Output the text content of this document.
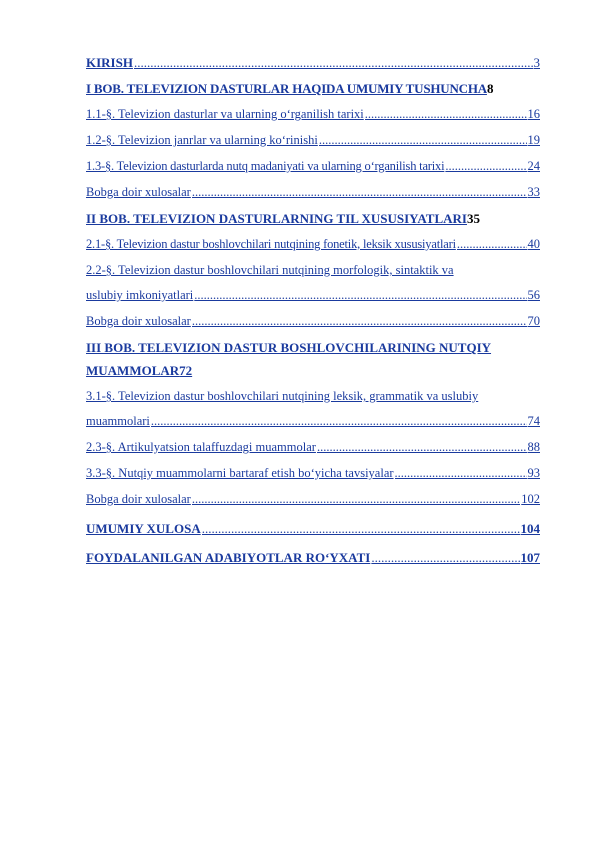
KIRISH .....	3
I BOB. TELEVIZION DASTURLAR HAQIDA UMUMIY TUSHUNCHA 8
1.1-§. Televizion dasturlar va ularning o‘rganilish tarixi .....	16
1.2-§. Televizion janrlar va ularning ko‘rinishi .....	19
1.3-§. Televizion dasturlarda nutq madaniyati va ularning o‘rganilish tarixi .....	24
Bobga doir xulosalar .....	33
II BOB. TELEVIZION DASTURLARNING TIL XUSUSIYATLARI 35
2.1-§. Televizion dastur boshlovchilari nutqining fonetik, leksik xususiyatlari .....	40
2.2-§. Televizion dastur boshlovchilari nutqining morfologik, sintaktik va
uslubiy imkoniyatlari .....	56
Bobga doir xulosalar .....	70
III BOB. TELEVIZION DASTUR BOSHLOVCHILARINING NUTQIY
MUAMMOLAR 72
3.1-§. Televizion dastur boshlovchilari nutqining leksik, grammatik va uslubiy
muammolari .....	74
2.3-§. Artikulyatsion talaffuzdagi muammolar .....	88
3.3-§. Nutqiy muammolarni bartaraf etish bo‘yicha tavsiyalar .....	93
Bobga doir xulosalar .....	102
UMUMIY XULOSA .....	104
FOYDALANILGAN ADABIYOTLAR RO‘YXATI .....	107
